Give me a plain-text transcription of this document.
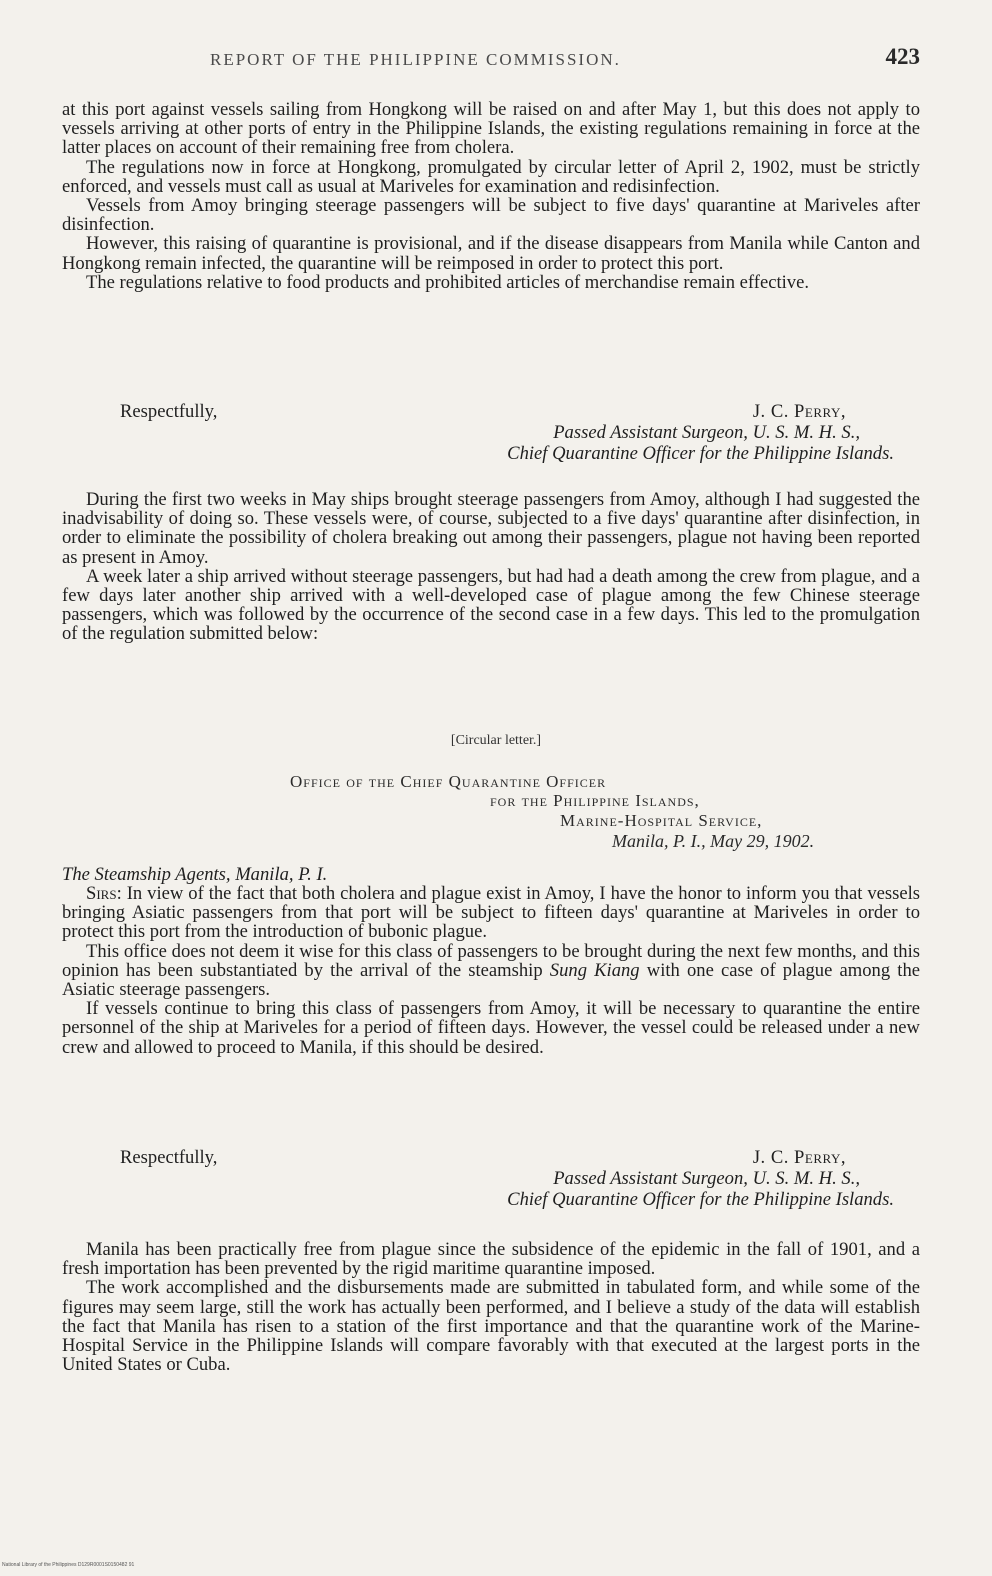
REPORT OF THE PHILIPPINE COMMISSION.	423

at this port against vessels sailing from Hongkong will be raised on and after May 1, but this does not apply to vessels arriving at other ports of entry in the Philippine Islands, the existing regulations remaining in force at the latter places on account of their remaining free from cholera.

The regulations now in force at Hongkong, promulgated by circular letter of April 2, 1902, must be strictly enforced, and vessels must call as usual at Mariveles for examination and redisinfection.

Vessels from Amoy bringing steerage passengers will be subject to five days' quarantine at Mariveles after disinfection.

However, this raising of quarantine is provisional, and if the disease disappears from Manila while Canton and Hongkong remain infected, the quarantine will be reimposed in order to protect this port.

The regulations relative to food products and prohibited articles of merchandise remain effective.

Respectfully,	J. C. Perry,
Passed Assistant Surgeon, U. S. M. H. S.,
Chief Quarantine Officer for the Philippine Islands.

During the first two weeks in May ships brought steerage passengers from Amoy, although I had suggested the inadvisability of doing so. These vessels were, of course, subjected to a five days' quarantine after disinfection, in order to eliminate the possibility of cholera breaking out among their passengers, plague not having been reported as present in Amoy.

A week later a ship arrived without steerage passengers, but had had a death among the crew from plague, and a few days later another ship arrived with a well-developed case of plague among the few Chinese steerage passengers, which was followed by the occurrence of the second case in a few days. This led to the promulgation of the regulation submitted below:

[Circular letter.]
Office of the Chief Quarantine Officer
for the Philippine Islands,
Marine-Hospital Service,
Manila, P. I., May 29, 1902.
The Steamship Agents, Manila, P. I.

Sirs: In view of the fact that both cholera and plague exist in Amoy, I have the honor to inform you that vessels bringing Asiatic passengers from that port will be subject to fifteen days' quarantine at Mariveles in order to protect this port from the introduction of bubonic plague.

This office does not deem it wise for this class of passengers to be brought during the next few months, and this opinion has been substantiated by the arrival of the steamship Sung Kiang with one case of plague among the Asiatic steerage passengers.

If vessels continue to bring this class of passengers from Amoy, it will be necessary to quarantine the entire personnel of the ship at Mariveles for a period of fifteen days. However, the vessel could be released under a new crew and allowed to proceed to Manila, if this should be desired.

Respectfully,	J. C. Perry,
Passed Assistant Surgeon, U. S. M. H. S.,
Chief Quarantine Officer for the Philippine Islands.

Manila has been practically free from plague since the subsidence of the epidemic in the fall of 1901, and a fresh importation has been prevented by the rigid maritime quarantine imposed.

The work accomplished and the disbursements made are submitted in tabulated form, and while some of the figures may seem large, still the work has actually been performed, and I believe a study of the data will establish the fact that Manila has risen to a station of the first importance and that the quarantine work of the Marine-Hospital Service in the Philippine Islands will compare favorably with that executed at the largest ports in the United States or Cuba.

National Library of the Philippines D129R0001S0150482 91
